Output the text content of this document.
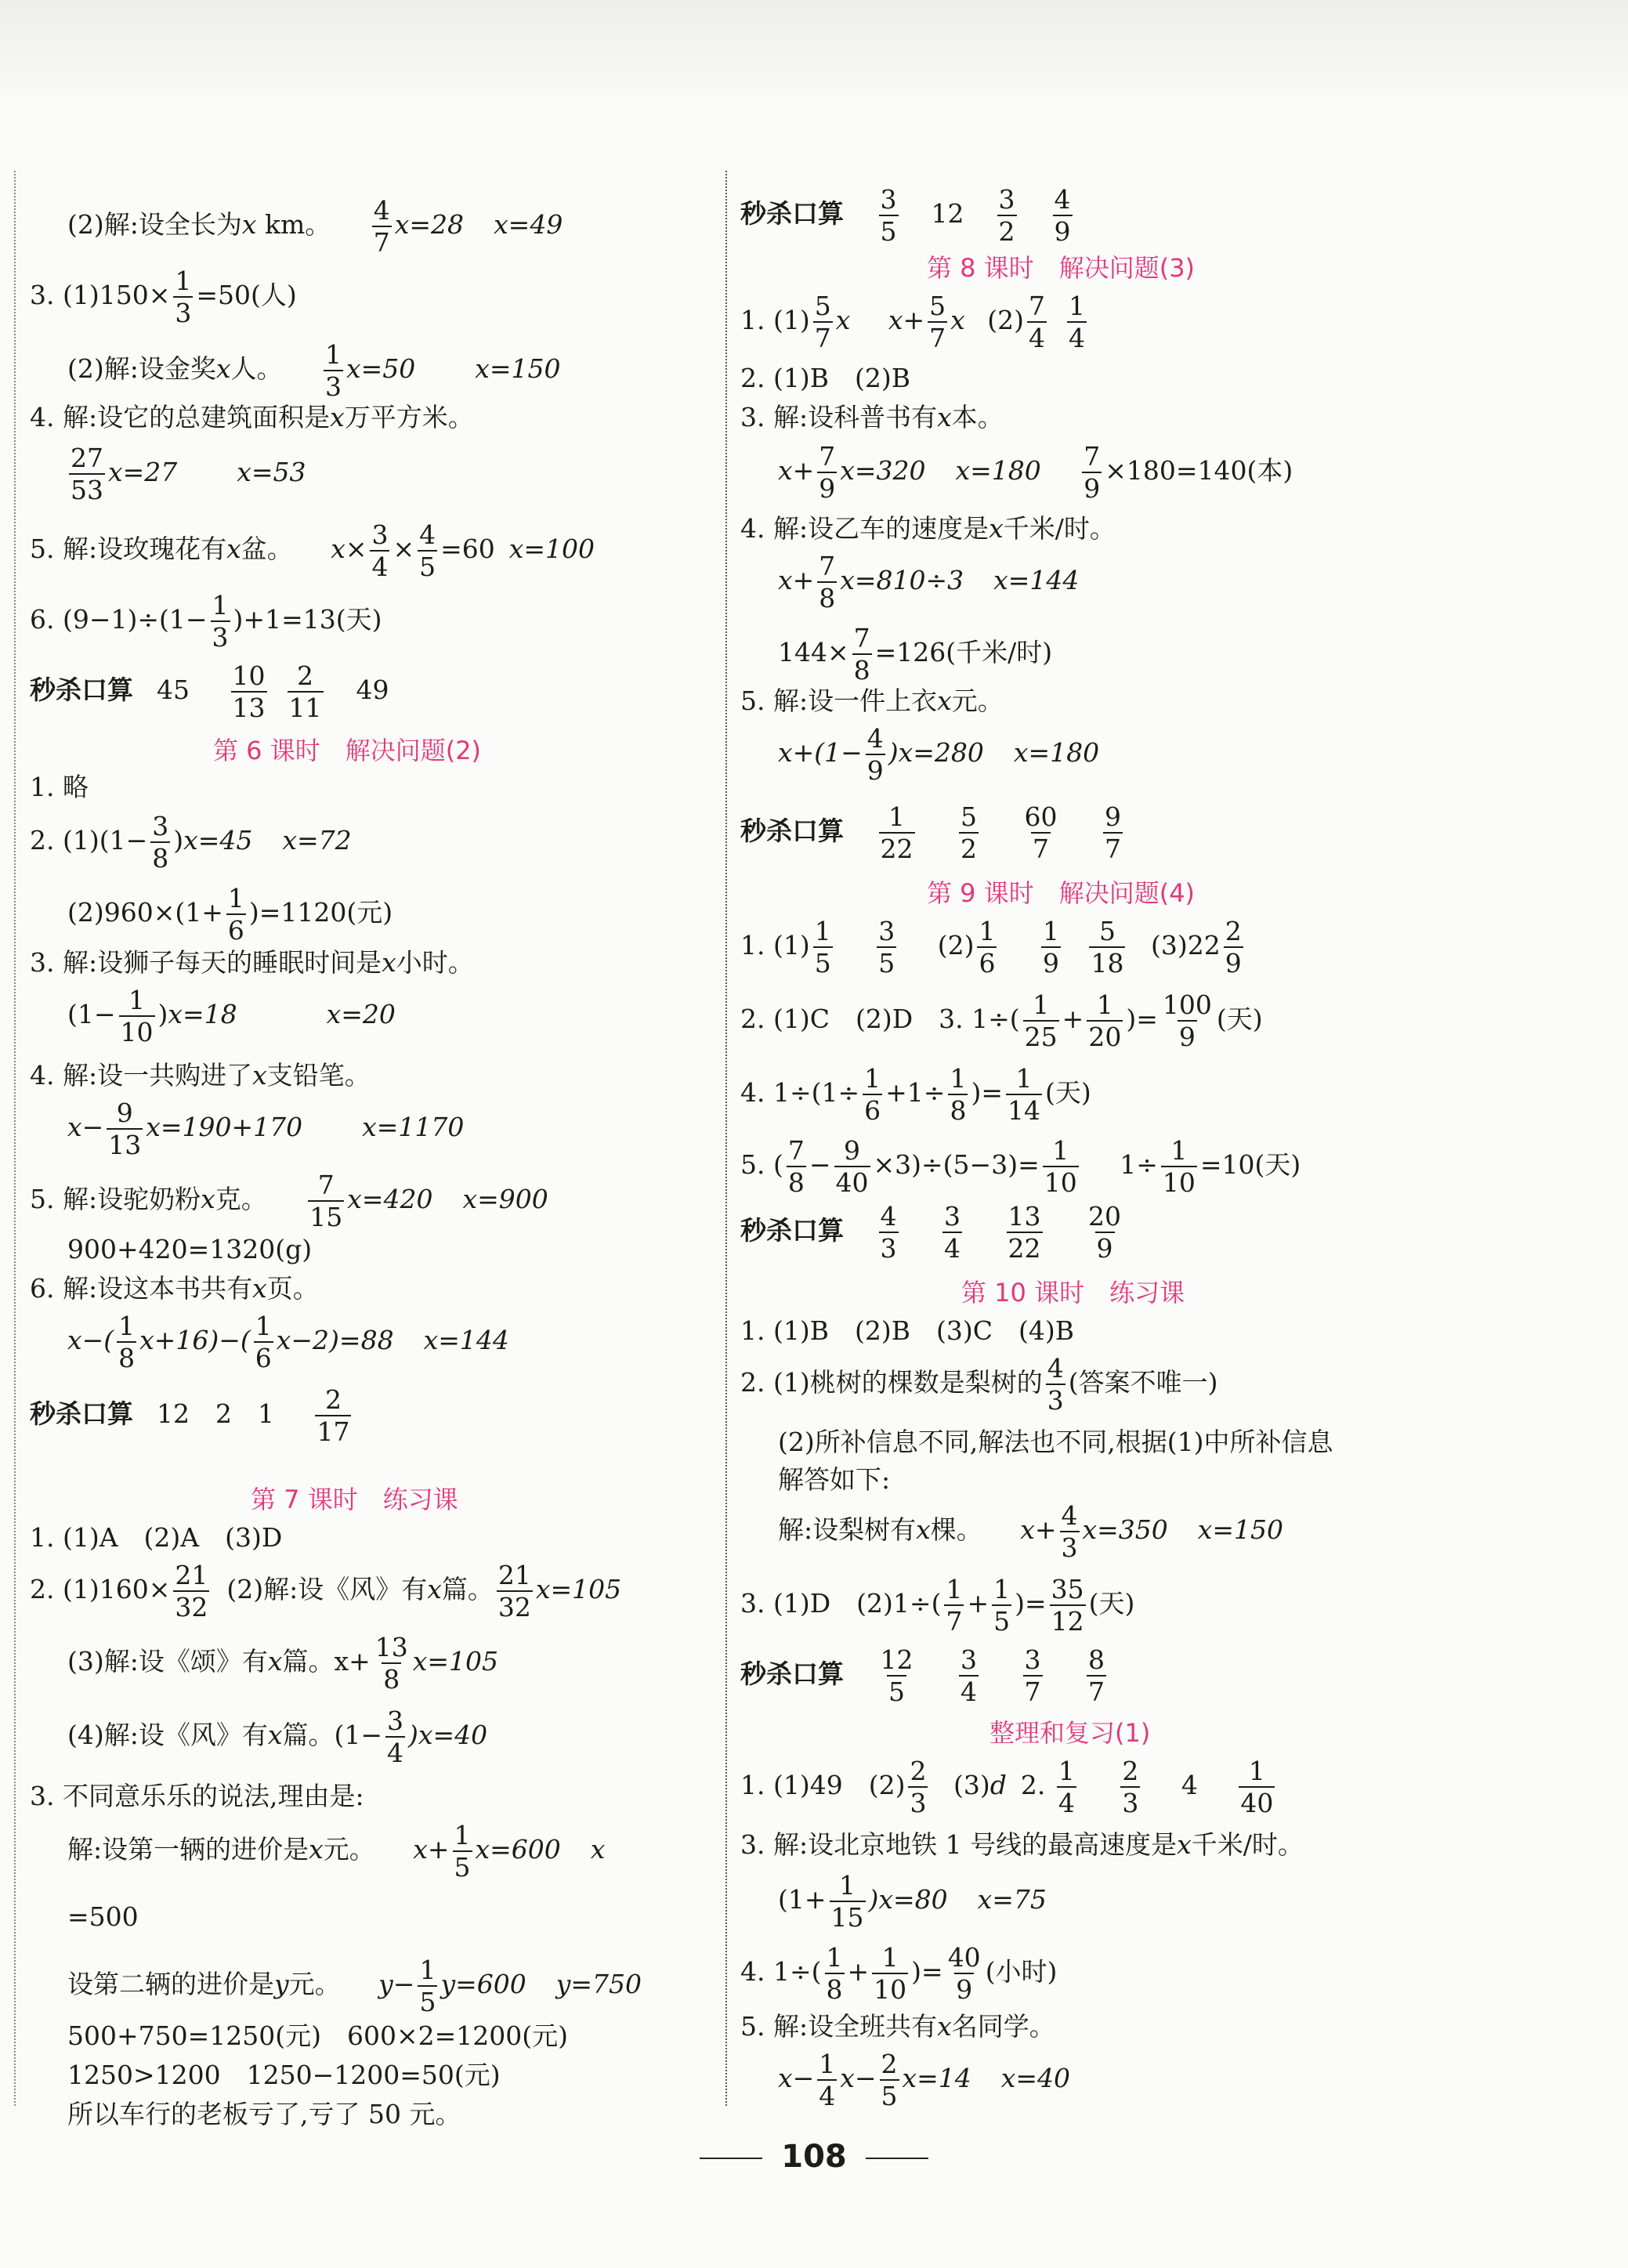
(2)解:设全长为x km。 $\frac{4}{7} x=28$ x=49
3. $(1)150\times \frac{1}{3} =50$(人)
(2)解:设金奖x人。 $\frac{1}{3} x=50$ x=150
4. 解:设它的总建筑面积是x万平方米。
$\frac{27}{53} x=27$ x=53
5. 解:设玫瑰花有x盆。 $x\times \frac{3}{4} \times \frac{4}{5} =60$ x=100
6. $(9-1)\div(1- \frac{1}{3} )+1=13$(天)
秒杀口算 $45 \frac{10}{13} \frac{2}{11} 49$
第 6 课时　解决问题(2)
1. 略
2. $(1)(1- \frac{3}{8} )x=45$ x=72
$(2)960\times(1+ \frac{1}{6} )=1120$(元)
3. 解:设狮子每天的睡眠时间是x小时。
$(1- \frac{1}{10} )x=18$	x=20
4. 解:设一共购进了x支铅笔。
$x- \frac{9}{13} x=190+170$ x=1170
5. 解:设驼奶粉x克。 $\frac{7}{15} x=420$ x=900
900+420=1320(g)
6. 解:设这本书共有x页。
$x-( \frac{1}{8} x+16)-( \frac{1}{6} x-2)=88$ x=144
秒杀口算 12　2　$1 \frac{2}{17}$
第 7 课时　练习课
1. (1)A　(2)A　(3)D
2. $(1)160\times \frac{21}{32} (2)$解:设《风》有x篇。 $\frac{21}{32} x=105$
(3)解:设《颂》有x篇。$x+ \frac{13}{8} x=105$
(4)解:设《风》有x篇。$(1- \frac{3}{4} )x=40$
3. 不同意乐乐的说法,理由是:
解:设第一辆的进价是x元。 $x+ \frac{1}{5} x=600$ x
=500
设第二辆的进价是y元。 $y- \frac{1}{5} y=600$ y=750
500+750=1250(元)　600×2=1200(元)
1250>1200　1250−1200=50(元)
所以车行的老板亏了,亏了 50 元。
秒杀口算 $\frac{3}{5} 12 \frac{3}{2} \frac{4}{9}$
第 8 课时　解决问题(3)
1. $(1) \frac{5}{7}$ x $x+ \frac{5}{7}$ x $(2) \frac{7}{4} \frac{1}{4}$
2. (1)B　(2)B
3. 解:设科普书有x本。
$x+ \frac{7}{9} x=320$ $x=180 \frac{7}{9} \times 180=140$(本)
4. 解:设乙车的速度是x千米/时。
$x+ \frac{7}{8} x=810\div 3$ x=144
$144\times \frac{7}{8} =126$(千米/时)
5. 解:设一件上衣x元。
$x+(1- \frac{4}{9} )x=280$ x=180
秒杀口算 $\frac{1}{22}$
$\frac{5}{2}$
$\frac{60}{7}$
$\frac{9}{7}$
第 9 课时　解决问题(4)
1. $(1) \frac{1}{5}$
$\frac{3}{5} (2) \frac{1}{6}$
$\frac{1}{9}$
$\frac{5}{18} (3)22 \frac{2}{9}$
2. (1)C　(2)D　3. $1\div( \frac{1}{25} + \frac{1}{20}$ )= $\frac{100}{9}$ (天)
4. $1\div(1\div \frac{1}{6} +1\div \frac{1}{8}$ )= $\frac{1}{14}$ (天)
5. ( $\frac{7}{8} - \frac{9}{40} \times 3)\div(5-3)= \frac{1}{10} 1\div \frac{1}{10} =10$(天)
秒杀口算 $\frac{4}{3}$
$\frac{3}{4}$
$\frac{13}{22}$
$\frac{20}{9}$
第 10 课时　练习课
1. (1)B　(2)B　(3)C　(4)B
2. (1)桃树的棵数是梨树的 $\frac{4}{3}$ (答案不唯一)
(2)所补信息不同,解法也不同,根据(1)中所补信息
解答如下:
解:设梨树有x棵。 $x+ \frac{4}{3} x=350$ x=150
3. (1)D　$(2)1\div( \frac{1}{7} + \frac{1}{5}$ )= $\frac{35}{12}$ (天)
秒杀口算 $\frac{12}{5}$
$\frac{3}{4}$
$\frac{3}{7}$
$\frac{8}{7}$
整理和复习(1)
1. (1)49　$(2) \frac{2}{3} (3)d$ 2. $\frac{1}{4}$
$\frac{2}{3} 4 \frac{1}{40}$
3. 解:设北京地铁 1 号线的最高速度是x千米/时。
$(1+ \frac{1}{15} )x=80$ x=75
4. $1\div( \frac{1}{8} + \frac{1}{10}$ )= $\frac{40}{9}$ (小时)
5. 解:设全班共有x名同学。
$x- \frac{1}{4} x- \frac{2}{5} x=14$ x=40
108
